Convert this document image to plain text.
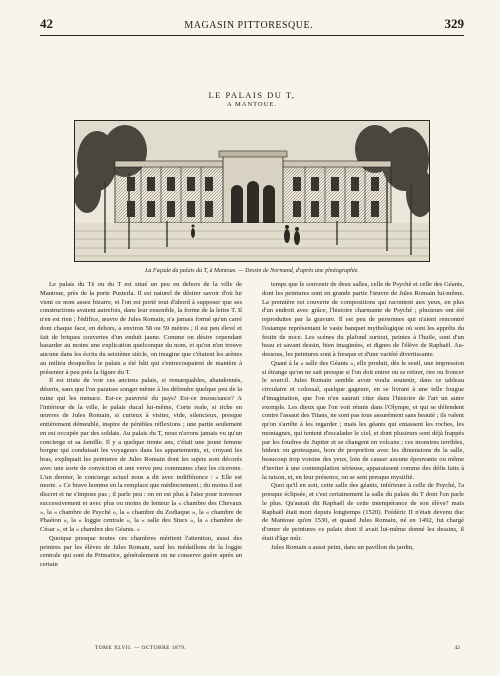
42	MAGASIN PITTORESQUE.	329
LE PALAIS DU T,
A MANTOUE.
La Façade du palais du T, à Mantoue. — Dessin de Normand, d'après une photographie.

Le palais du Té ou du T est situé un peu en dehors de la ville de Mantoue, près de la porte Pusterla. Il est naturel de désirer savoir d'où lui vient ce nom assez bizarre, et l'on est porté tout d'abord à supposer que ses constructions avaient autrefois, dans leur ensemble, la forme de la lettre T. Il n'en est rien ; l'édifice, œuvre de Jules Romain, n'a jamais formé qu'un carré dont chaque face, en dehors, a environ 58 ou 59 mètres ; il est peu élevé et fait de briques couvertes d'un enduit jaune. Comme on désire cependant hasarder au moins une explication quelconque du nom, et qu'on n'en trouve aucune dans les écrits du seizième siècle, on imagine que c'étaient les arènes au milieu desquelles le palais a été bâti qui s'entrecoupaient de manière à présenter à peu près la figure du T.

Il est triste de voir ces anciens palais, si remarquables, abandonnés, déserts, sans que l'on paraisse songer même à les défendre quelque peu de la ruine qui les menace. Est-ce pauvreté du pays? Est-ce insouciance? A l'intérieur de la ville, le palais ducal lui-même, Corte reale, si riche en œuvres de Jules Romain, si curieux à visiter, vide, silencieux, presque entièrement démeublé, inspire de pénibles réflexions ; une partie seulement en est occupée par des soldats. Au palais du T, nous n'avons jamais vu qu'un concierge et sa famille. Il y a quelque trente ans, c'était une jeune femme borgne qui conduisait les voyageurs dans les appartements, et, croyant les bras, expliquait les peintures de Jules Romain dont les sujets sont décorés avec une sorte de conviction et une verve peu communes chez les cicerone. L'un dernier, le concierge actuel nous a dit avec indifférence : « Elle est morte. » Ce brave homme en la remplace que médiocrement ; du moins il est discret et ne s'impose pas ; il parle peu : on en est plus à l'aise pour traverser successivement et avec plus ou moins de lenteur la « chambre des Chevaux », la « chambre de Psyché », la « chambre du Zodiaque », la « chambre de Phaéton », la « loggie centrale », la « salle des Stucs », la « chambre de César », et la « chambre des Géants. »

Quoique presque toutes ces chambres méritent l'attention, aussi des peintres par les élèves de Jules Romain, sauf les médaillons de la loggie centrale qui sont du Primatice, généralement on ne conserve guère après un certain

temps que le souvenir de deux salles, celle de Psyché et celle des Géants, dont les peintures sont en grande partie l'œuvre de Jules Romain lui-même. La première est couverte de compositions qui racontent aux yeux, en plus d'un endroit avec grâce, l'histoire charmante de Psyché ; plusieurs ont été reproduites par la gravure. Il est peu de personnes qui n'aient rencontré l'estampe représentant le vaste banquet mythologique où sont les apprêts du festin de noce. Les scènes du plafond surtout, peintes à l'huile, sont d'un beau et savant dessin, bien imaginées, et dignes de l'élève de Raphaël. Au-dessous, les peintures sont à fresque et d'une variété divertissante.

Quant à la « salle des Géants », elle produit, dès le seuil, une impression si étrange qu'on ne sait presque si l'on doit entrer ou se retirer, rire ou froncer le sourcil. Jules Romain semble avoir voulu soutenir, dans ce tableau circulaire et colossal, quelque gageure, en se livrant à une telle fougue d'imagination, que l'on n'en saurait citer dans l'histoire de l'art un autre exemple. Les dieux que l'on voit réunis dans l'Olympe, et qui se défendent contre l'assaut des Titans, ne sont pas tous assurément sans beauté ; ils valent qu'on s'arrête à les regarder ; mais les géants qui entassent les roches, les montagnes, qui tentent d'escalader le ciel, et dont plusieurs sont déjà frappés par les foudres de Jupiter et se changent en volcans ; ces monstres terribles, hideux ou grotesques, hors de proportion avec les dimensions de la salle, beaucoup trop voisins des yeux, loin de causer aucune épouvante ou même d'inviter à une contemplation sérieuse, apparaissent comme des défis faits à la raison, et, en leur présence, on se sent presque mystifié.

Quoi qu'il en soit, cette salle des géants, inférieure à celle de Psyché, l'a presque éclipsée, et c'est certainement la salle du palais du T dont l'on parle le plus. Qu'aurait dit Raphaël de cette intempérance de son élève? mais Raphaël était mort depuis longtemps (1520). Frédéric II n'était devenu duc de Mantoue qu'en 1530, et quand Jules Romain, né en 1492, fut chargé d'orner de peintures ce palais dont il avait lui-même donné les dessins, il était d'âge mûr.

Jules Romain a aussi peint, dans un pavillon du jardin,

TOME XLVII. — OCTOBRE 1879.	42
